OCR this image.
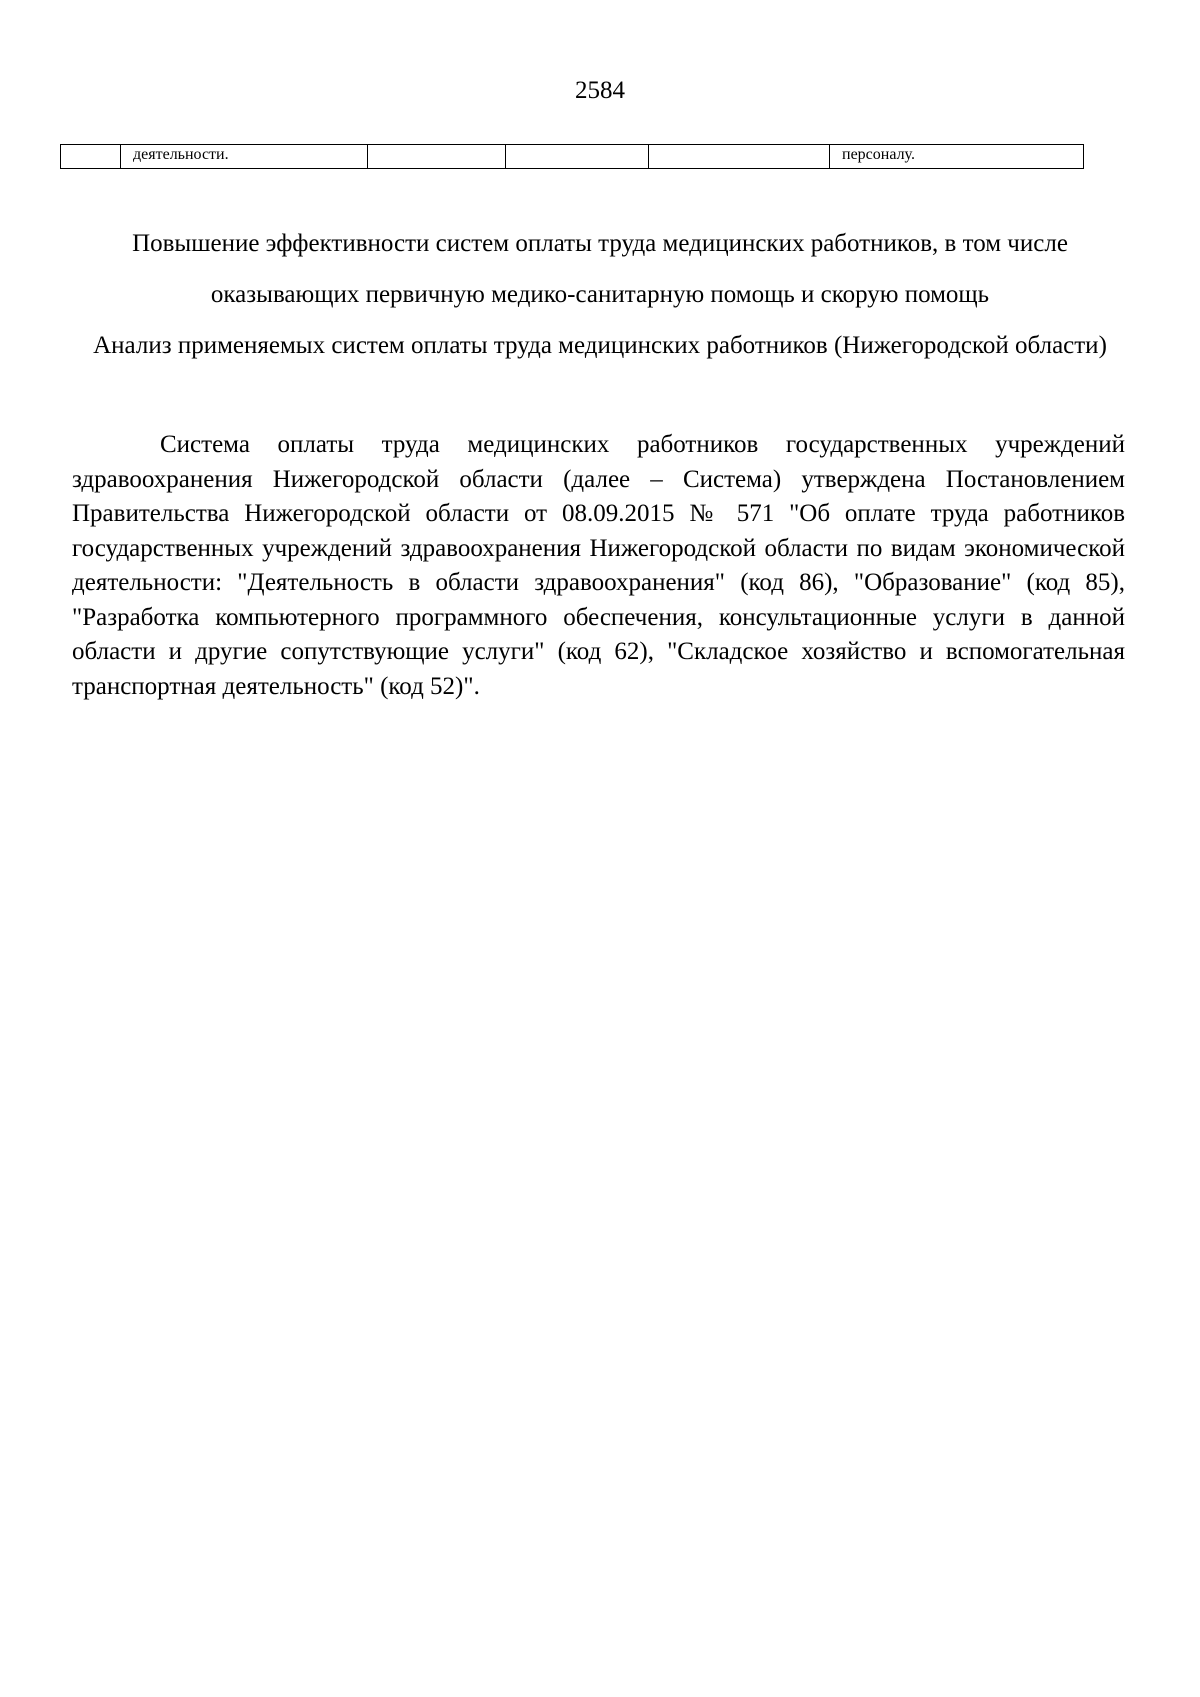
2584
	деятельности.				персоналу.

Повышение эффективности систем оплаты труда медицинских работников, в том числе оказывающих первичную медико-санитарную помощь и скорую помощь

Анализ применяемых систем оплаты труда медицинских работников (Нижегородской области)

Система оплаты труда медицинских работников государственных учреждений здравоохранения Нижегородской области (далее – Система) утверждена Постановлением Правительства Нижегородской области от 08.09.2015 № 571 "Об оплате труда работников государственных учреждений здравоохранения Нижегородской области по видам экономической деятельности: "Деятельность в области здравоохранения" (код 86), "Образование" (код 85), "Разработка компьютерного программного обеспечения, консультационные услуги в данной области и другие сопутствующие услуги" (код 62), "Складское хозяйство и вспомогательная транспортная деятельность" (код 52)".
